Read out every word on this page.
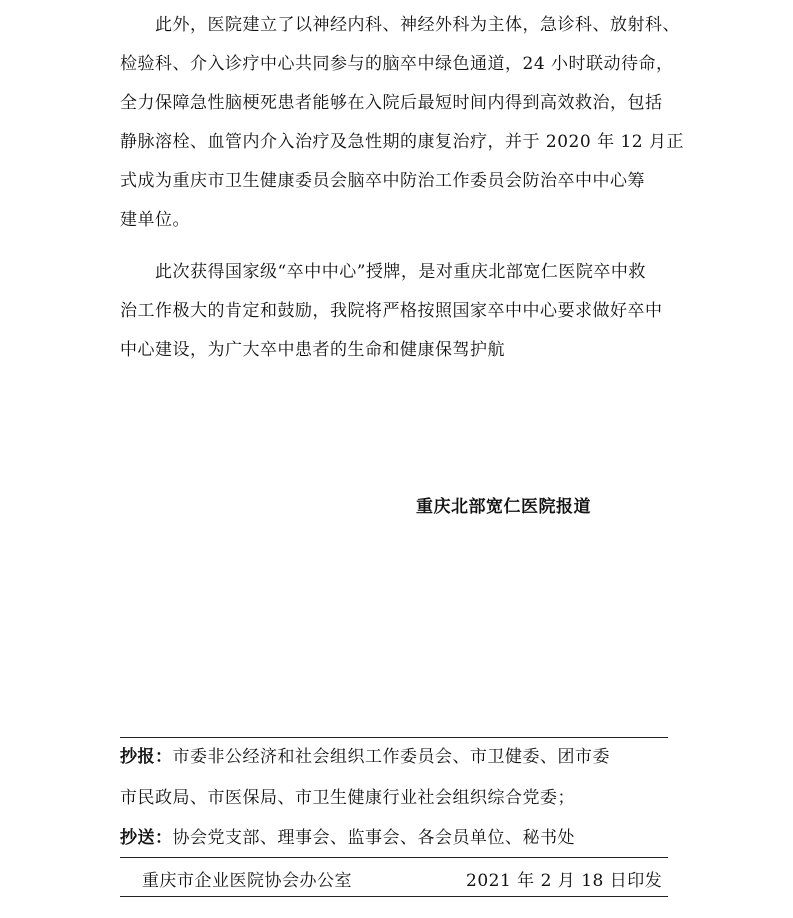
　　此外，医院建立了以神经内科、神经外科为主体，急诊科、放射科、
检验科、介入诊疗中心共同参与的脑卒中绿色通道，24 小时联动待命，
全力保障急性脑梗死患者能够在入院后最短时间内得到高效救治，包括
静脉溶栓、血管内介入治疗及急性期的康复治疗，并于 2020 年 12 月正
式成为重庆市卫生健康委员会脑卒中防治工作委员会防治卒中中心筹
建单位。
　　此次获得国家级“卒中中心”授牌，是对重庆北部宽仁医院卒中救
治工作极大的肯定和鼓励，我院将严格按照国家卒中中心要求做好卒中
中心建设，为广大卒中患者的生命和健康保驾护航
重庆北部宽仁医院报道
抄报：市委非公经济和社会组织工作委员会、市卫健委、团市委
市民政局、市医保局、市卫生健康行业社会组织综合党委；
抄送：协会党支部、理事会、监事会、各会员单位、秘书处
重庆市企业医院协会办公室	2021 年 2 月 18 日印发
